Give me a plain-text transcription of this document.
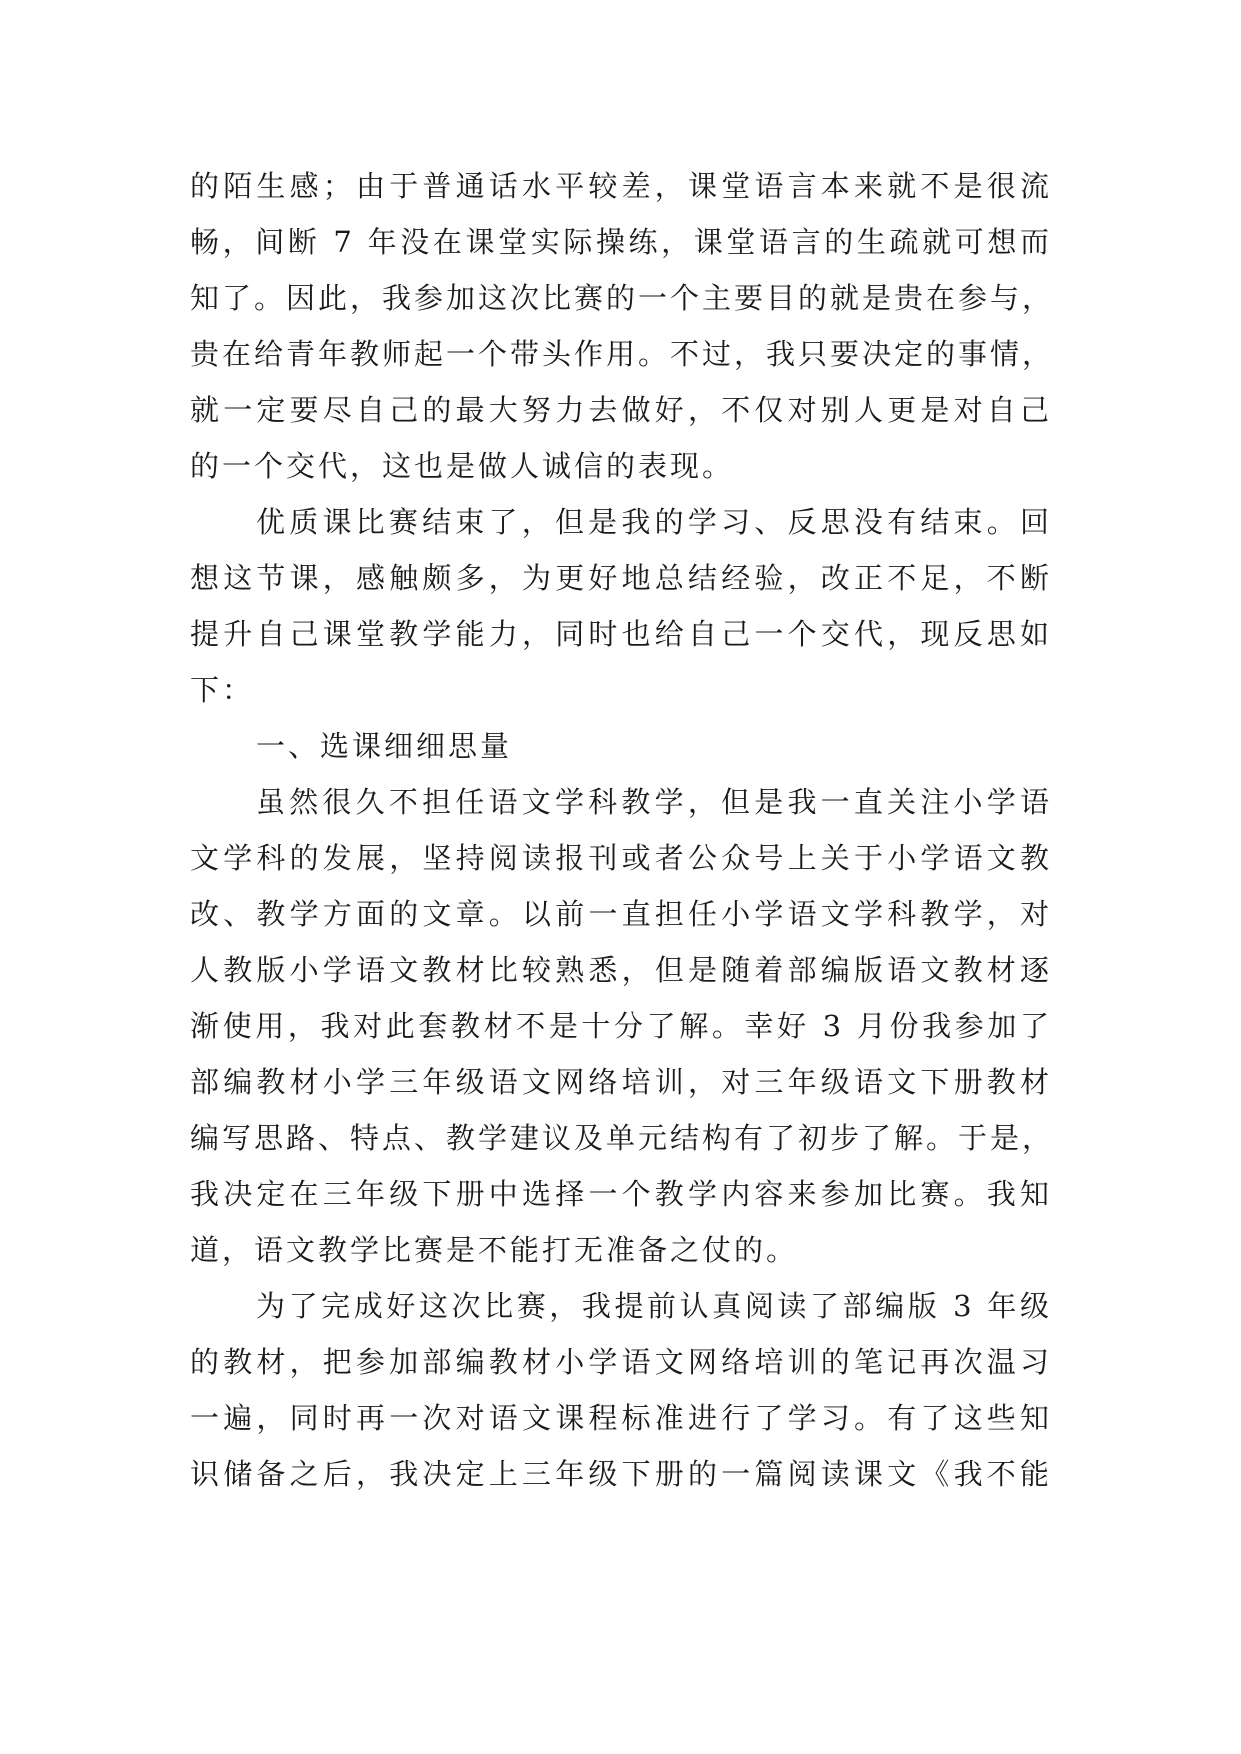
的陌生感；由于普通话水平较差，课堂语言本来就不是很流
畅，间断 7 年没在课堂实际操练，课堂语言的生疏就可想而
知了。因此，我参加这次比赛的一个主要目的就是贵在参与，
贵在给青年教师起一个带头作用。不过，我只要决定的事情，
就一定要尽自己的最大努力去做好，不仅对别人更是对自己
的一个交代，这也是做人诚信的表现。
优质课比赛结束了，但是我的学习、反思没有结束。回
想这节课，感触颇多，为更好地总结经验，改正不足，不断
提升自己课堂教学能力，同时也给自己一个交代，现反思如
下：
一、选课细细思量
虽然很久不担任语文学科教学，但是我一直关注小学语
文学科的发展，坚持阅读报刊或者公众号上关于小学语文教
改、教学方面的文章。以前一直担任小学语文学科教学，对
人教版小学语文教材比较熟悉，但是随着部编版语文教材逐
渐使用，我对此套教材不是十分了解。幸好 3 月份我参加了
部编教材小学三年级语文网络培训，对三年级语文下册教材
编写思路、特点、教学建议及单元结构有了初步了解。于是，
我决定在三年级下册中选择一个教学内容来参加比赛。我知
道，语文教学比赛是不能打无准备之仗的。
为了完成好这次比赛，我提前认真阅读了部编版 3 年级
的教材，把参加部编教材小学语文网络培训的笔记再次温习
一遍，同时再一次对语文课程标准进行了学习。有了这些知
识储备之后，我决定上三年级下册的一篇阅读课文《我不能
